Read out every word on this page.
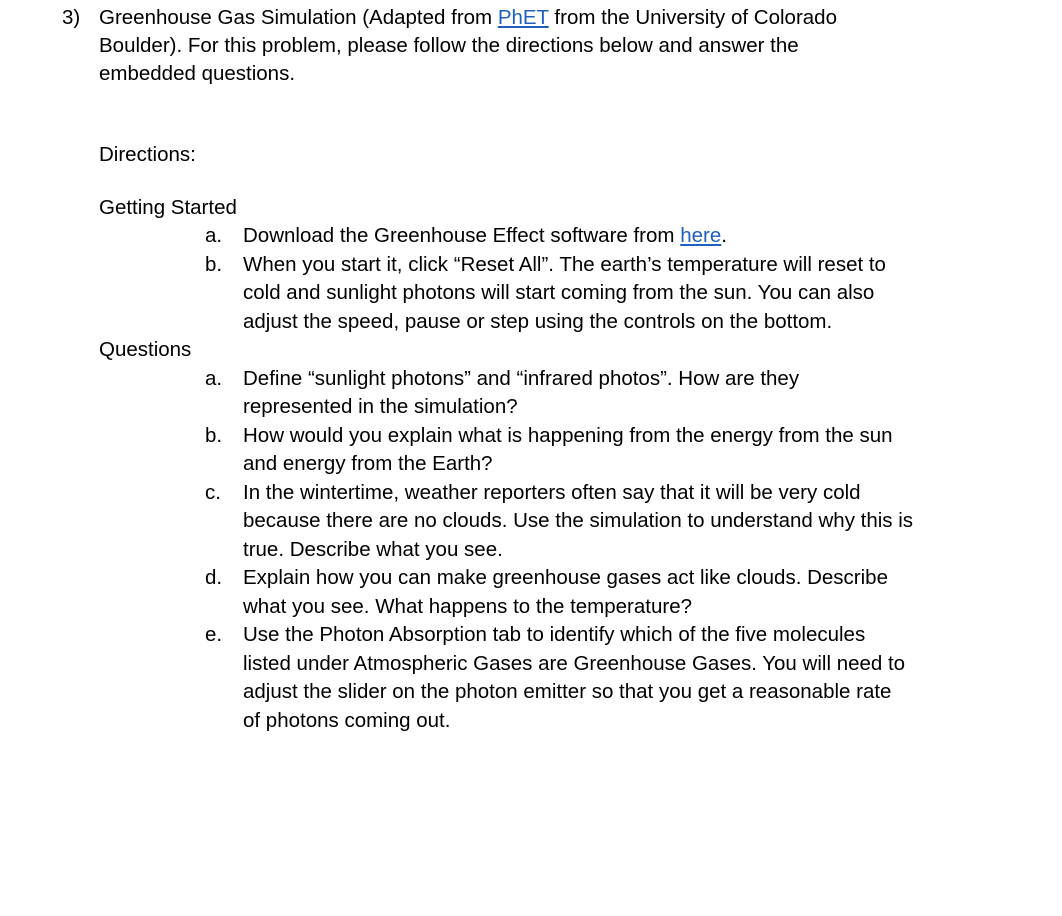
3) Greenhouse Gas Simulation (Adapted from PhET from the University of Colorado
Boulder). For this problem, please follow the directions below and answer the
embedded questions.
Directions:
Getting Started
a. Download the Greenhouse Effect software from here.
b. When you start it, click “Reset All”. The earth’s temperature will reset to
cold and sunlight photons will start coming from the sun. You can also
adjust the speed, pause or step using the controls on the bottom.
Questions
a. Define “sunlight photons” and “infrared photos”. How are they
represented in the simulation?
b. How would you explain what is happening from the energy from the sun
and energy from the Earth?
c. In the wintertime, weather reporters often say that it will be very cold
because there are no clouds. Use the simulation to understand why this is
true. Describe what you see.
d. Explain how you can make greenhouse gases act like clouds. Describe
what you see. What happens to the temperature?
e. Use the Photon Absorption tab to identify which of the five molecules
listed under Atmospheric Gases are Greenhouse Gases. You will need to
adjust the slider on the photon emitter so that you get a reasonable rate
of photons coming out.
